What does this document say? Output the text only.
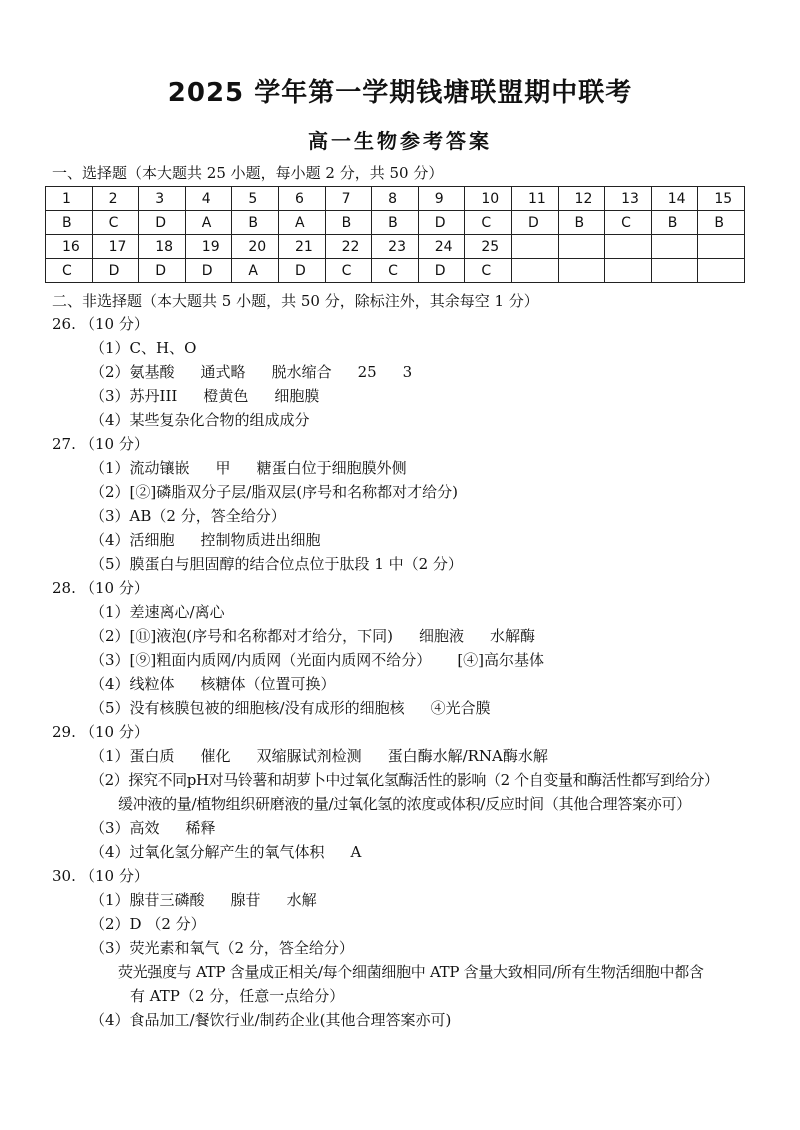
2025 学年第一学期钱塘联盟期中联考
高一生物参考答案
一、选择题（本大题共 25 小题，每小题 2 分，共 50 分）
1	2	3	4	5	6	7	8	9	10	11	12	13	14	15
B	C	D	A	B	A	B	B	D	C	D	B	C	B	B
16	17	18	19	20	21	22	23	24	25					
C	D	D	D	A	D	C	C	D	C					
二、非选择题（本大题共 5 小题，共 50 分，除标注外，其余每空 1 分）
26. （10 分）
（1）C、H、O
（2）氨基酸 通式略 脱水缩合 25 3
（3）苏丹III 橙黄色 细胞膜
（4）某些复杂化合物的组成成分
27. （10 分）
（1）流动镶嵌 甲 糖蛋白位于细胞膜外侧
（2）[②]磷脂双分子层/脂双层(序号和名称都对才给分)
（3）AB（2 分，答全给分）
（4）活细胞 控制物质进出细胞
（5）膜蛋白与胆固醇的结合位点位于肽段 1 中（2 分）
28. （10 分）
（1）差速离心/离心
（2）[⑪]液泡(序号和名称都对才给分，下同) 细胞液 水解酶
（3）[⑨]粗面内质网/内质网（光面内质网不给分） [④]高尔基体
（4）线粒体 核糖体（位置可换）
（5）没有核膜包被的细胞核/没有成形的细胞核 ④光合膜
29. （10 分）
（1）蛋白质 催化 双缩脲试剂检测 蛋白酶水解/RNA酶水解
（2）探究不同pH对马铃薯和胡萝卜中过氧化氢酶活性的影响（2 个自变量和酶活性都写到给分）
缓冲液的量/植物组织研磨液的量/过氧化氢的浓度或体积/反应时间（其他合理答案亦可）
（3）高效 稀释
（4）过氧化氢分解产生的氧气体积 A
30. （10 分）
（1）腺苷三磷酸 腺苷 水解
（2）D （2 分）
（3）荧光素和氧气（2 分，答全给分）
荧光强度与 ATP 含量成正相关/每个细菌细胞中 ATP 含量大致相同/所有生物活细胞中都含
有 ATP（2 分，任意一点给分）
（4）食品加工/餐饮行业/制药企业(其他合理答案亦可)
